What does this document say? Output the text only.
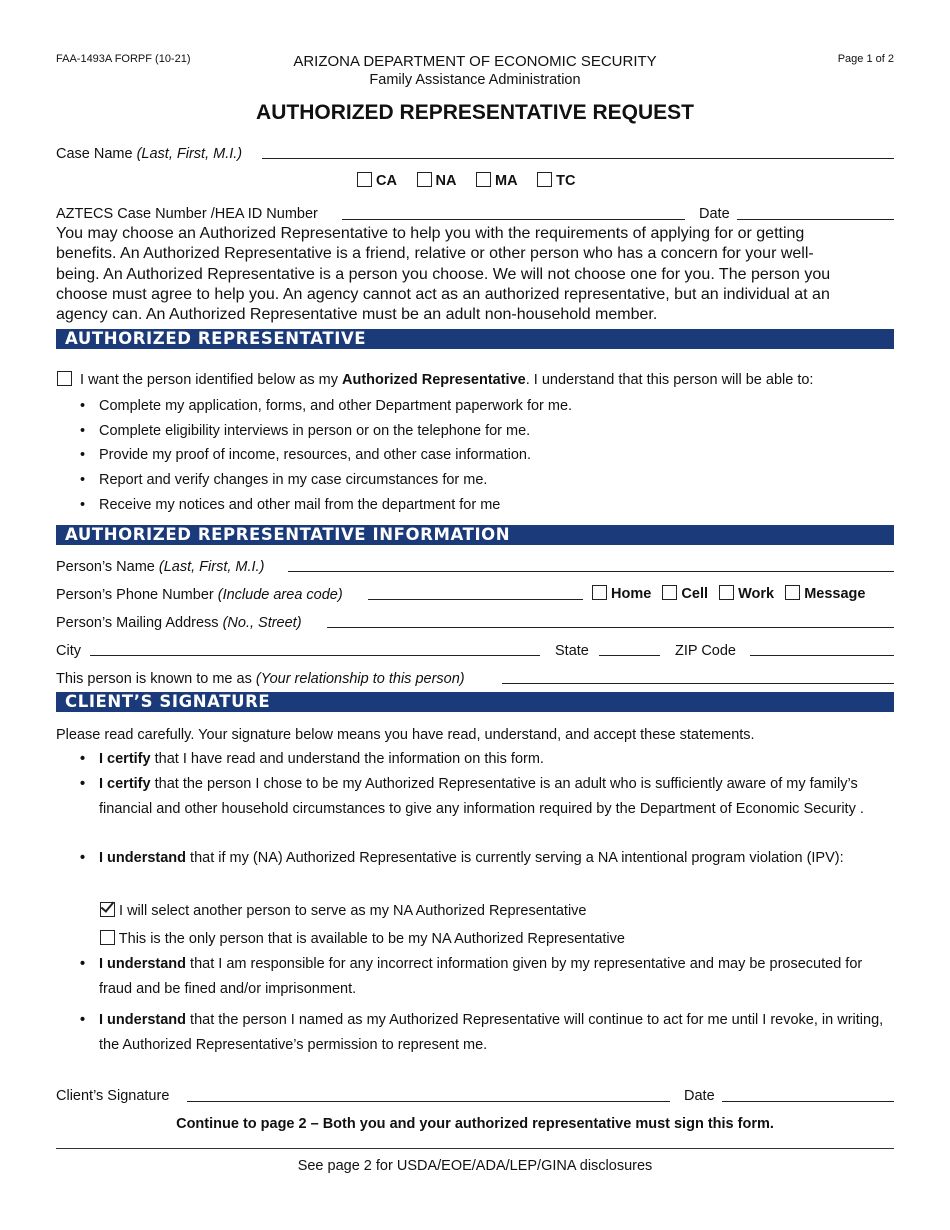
FAA-1493A FORPF (10-21)	ARIZONA DEPARTMENT OF ECONOMIC SECURITY
Family Assistance Administration
Page 1 of 2
AUTHORIZED REPRESENTATIVE REQUEST
Case Name (Last, First, M.I.)
CA	NA	MA	TC
AZTECS Case Number /HEA ID Number	Date
You may choose an Authorized Representative to help you with the requirements of applying for or getting benefits. An Authorized Representative is a friend, relative or other person who has a concern for your well-being. An Authorized Representative is a person you choose. We will not choose one for you. The person you choose must agree to help you. An agency cannot act as an authorized representative, but an individual at an agency can. An Authorized Representative must be an adult non-household member.
AUTHORIZED REPRESENTATIVE
I want the person identified below as my Authorized Representative. I understand that this person will be able to:
• Complete my application, forms, and other Department paperwork for me.
• Complete eligibility interviews in person or on the telephone for me.
• Provide my proof of income, resources, and other case information.
• Report and verify changes in my case circumstances for me.
• Receive my notices and other mail from the department for me
AUTHORIZED REPRESENTATIVE INFORMATION
Person’s Name (Last, First, M.I.)
Person’s Phone Number (Include area code)	Home Cell Work Message
Person’s Mailing Address (No., Street)
City	State	ZIP Code
This person is known to me as (Your relationship to this person)
CLIENT’S SIGNATURE
Please read carefully. Your signature below means you have read, understand, and accept these statements.
• I certify that I have read and understand the information on this form.
• I certify that the person I chose to be my Authorized Representative is an adult who is sufficiently aware of my family’s financial and other household circumstances to give any information required by the Department of Economic Security .
• I understand that if my (NA) Authorized Representative is currently serving a NA intentional program violation (IPV):
I will select another person to serve as my NA Authorized Representative
This is the only person that is available to be my NA Authorized Representative
• I understand that I am responsible for any incorrect information given by my representative and may be prosecuted for fraud and be fined and/or imprisonment.
• I understand that the person I named as my Authorized Representative will continue to act for me until I revoke, in writing, the Authorized Representative’s permission to represent me.
Client’s Signature	Date
Continue to page 2 – Both you and your authorized representative must sign this form.
See page 2 for USDA/EOE/ADA/LEP/GINA disclosures
